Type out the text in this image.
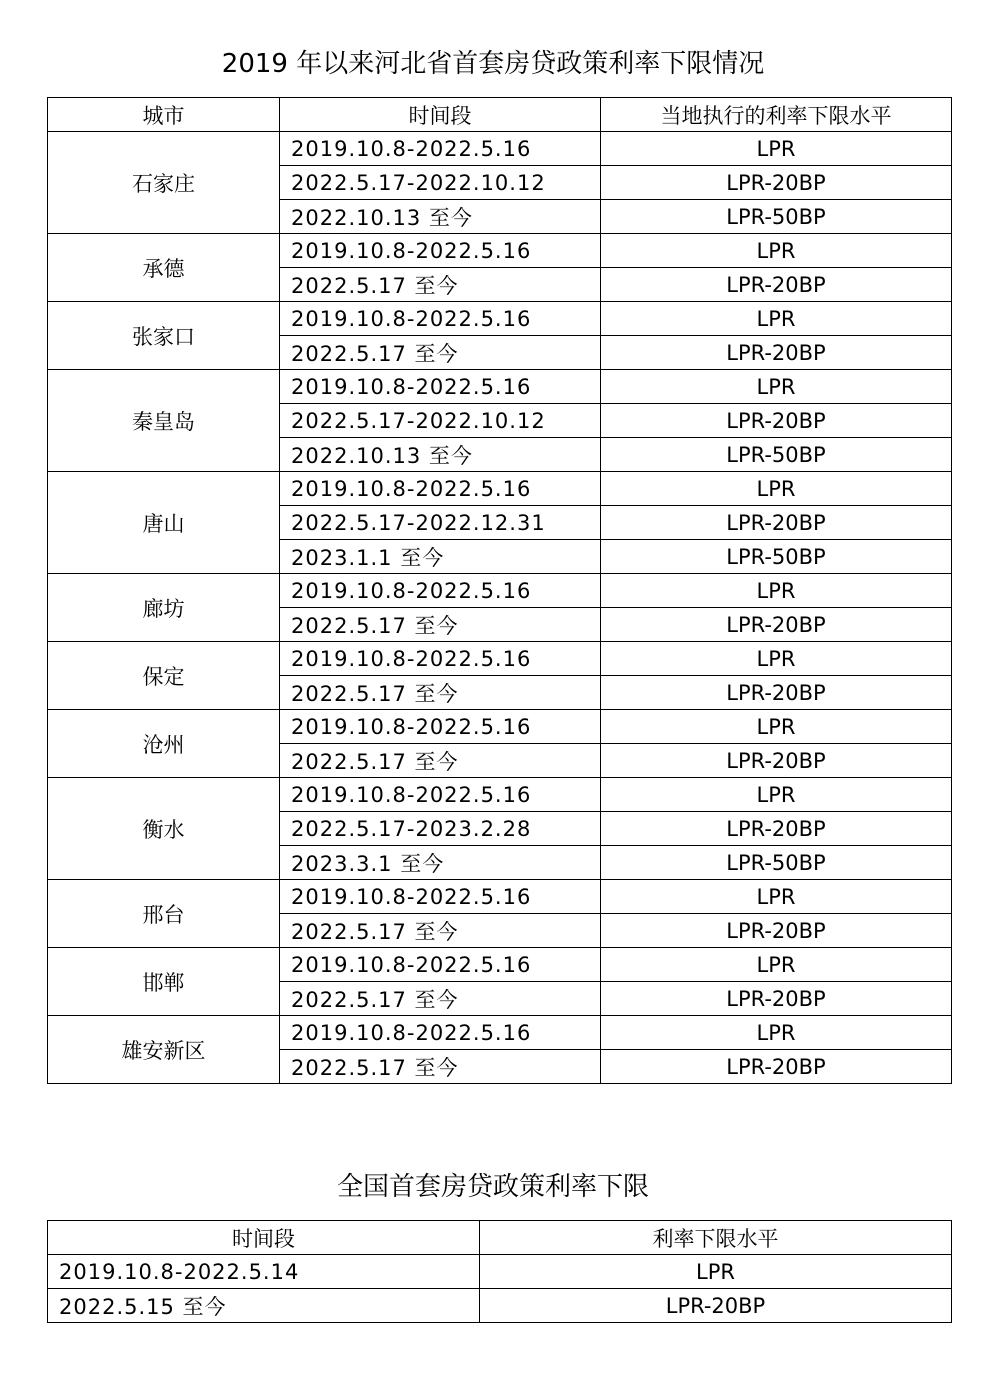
2019 年以来河北省首套房贷政策利率下限情况
城市	时间段	当地执行的利率下限水平
石家庄	2019.10.8-2022.5.16	LPR
	2022.5.17-2022.10.12	LPR-20BP
	2022.10.13 至今	LPR-50BP
承德	2019.10.8-2022.5.16	LPR
	2022.5.17 至今	LPR-20BP
张家口	2019.10.8-2022.5.16	LPR
	2022.5.17 至今	LPR-20BP
秦皇岛	2019.10.8-2022.5.16	LPR
	2022.5.17-2022.10.12	LPR-20BP
	2022.10.13 至今	LPR-50BP
唐山	2019.10.8-2022.5.16	LPR
	2022.5.17-2022.12.31	LPR-20BP
	2023.1.1 至今	LPR-50BP
廊坊	2019.10.8-2022.5.16	LPR
	2022.5.17 至今	LPR-20BP
保定	2019.10.8-2022.5.16	LPR
	2022.5.17 至今	LPR-20BP
沧州	2019.10.8-2022.5.16	LPR
	2022.5.17 至今	LPR-20BP
衡水	2019.10.8-2022.5.16	LPR
	2022.5.17-2023.2.28	LPR-20BP
	2023.3.1 至今	LPR-50BP
邢台	2019.10.8-2022.5.16	LPR
	2022.5.17 至今	LPR-20BP
邯郸	2019.10.8-2022.5.16	LPR
	2022.5.17 至今	LPR-20BP
雄安新区	2019.10.8-2022.5.16	LPR
	2022.5.17 至今	LPR-20BP
全国首套房贷政策利率下限
时间段	利率下限水平
2019.10.8-2022.5.14	LPR
2022.5.15 至今	LPR-20BP
